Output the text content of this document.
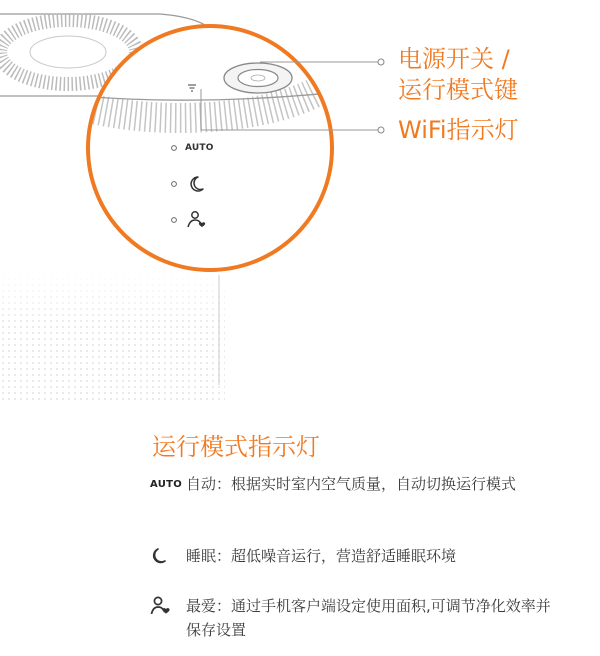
AUTO
电源开关 /
运行模式键
WiFi指示灯
运行模式指示灯
AUTO 自动：根据实时室内空气质量，自动切换运行模式
睡眠：超低噪音运行，营造舒适睡眠环境
最爱：通过手机客户端设定使用面积,可调节净化效率并保存设置
